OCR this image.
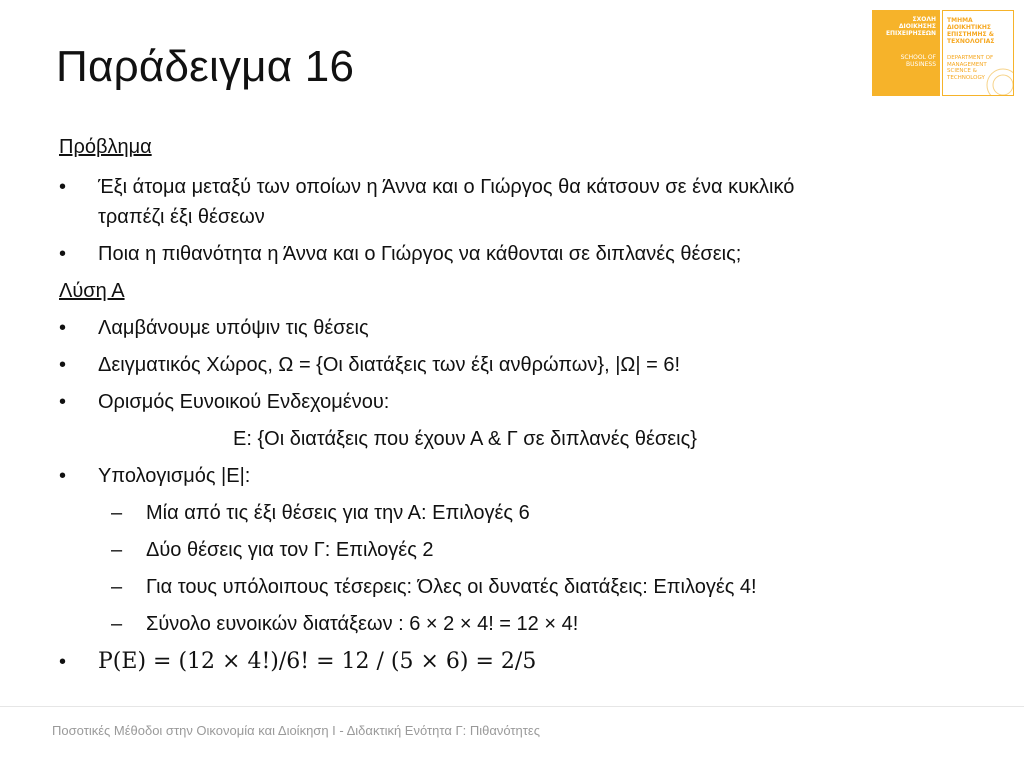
Παράδειγμα 16
ΣΧΟΛΗ ΔΙΟΙΚΗΣΗΣ ΕΠΙΧΕΙΡΗΣΕΩΝ
SCHOOL OF BUSINESS
ΤΜΗΜΑ ΔΙΟΙΚΗΤΙΚΗΣ ΕΠΙΣΤΗΜΗΣ & ΤΕΧΝΟΛΟΓΙΑΣ
DEPARTMENT OF MANAGEMENT SCIENCE & TECHNOLOGY
Πρόβλημα
•	Έξι άτομα μεταξύ των οποίων η Άννα και ο Γιώργος θα κάτσουν σε ένα κυκλικό
τραπέζι έξι θέσεων
•	Ποια η πιθανότητα η Άννα και ο Γιώργος να κάθονται σε διπλανές θέσεις;
Λύση Α
•	Λαμβάνουμε υπόψιν τις θέσεις
•	Δειγματικός Χώρος, Ω = {Οι διατάξεις των έξι ανθρώπων}, |Ω| = 6!
•	Ορισμός Ευνοικού Ενδεχομένου:
Ε: {Οι διατάξεις που έχουν Α & Γ σε διπλανές θέσεις}
•	Υπολογισμός |Ε|:
–	Μία από τις έξι θέσεις για την Α: Επιλογές 6
–	Δύο θέσεις για τον Γ: Επιλογές 2
–	Για τους υπόλοιπους τέσερεις: Όλες οι δυνατές διατάξεις: Επιλογές 4!
–	Σύνολο ευνοικών διατάξεων : 6 × 2 × 4! = 12 × 4!
•	P(Ε) = (12 × 4!)/6! = 12 / (5 × 6) = 2/5
Ποσοτικές Μέθοδοι στην Οικονομία και Διοίκηση Ι - Διδακτική Ενότητα Γ: Πιθανότητες
